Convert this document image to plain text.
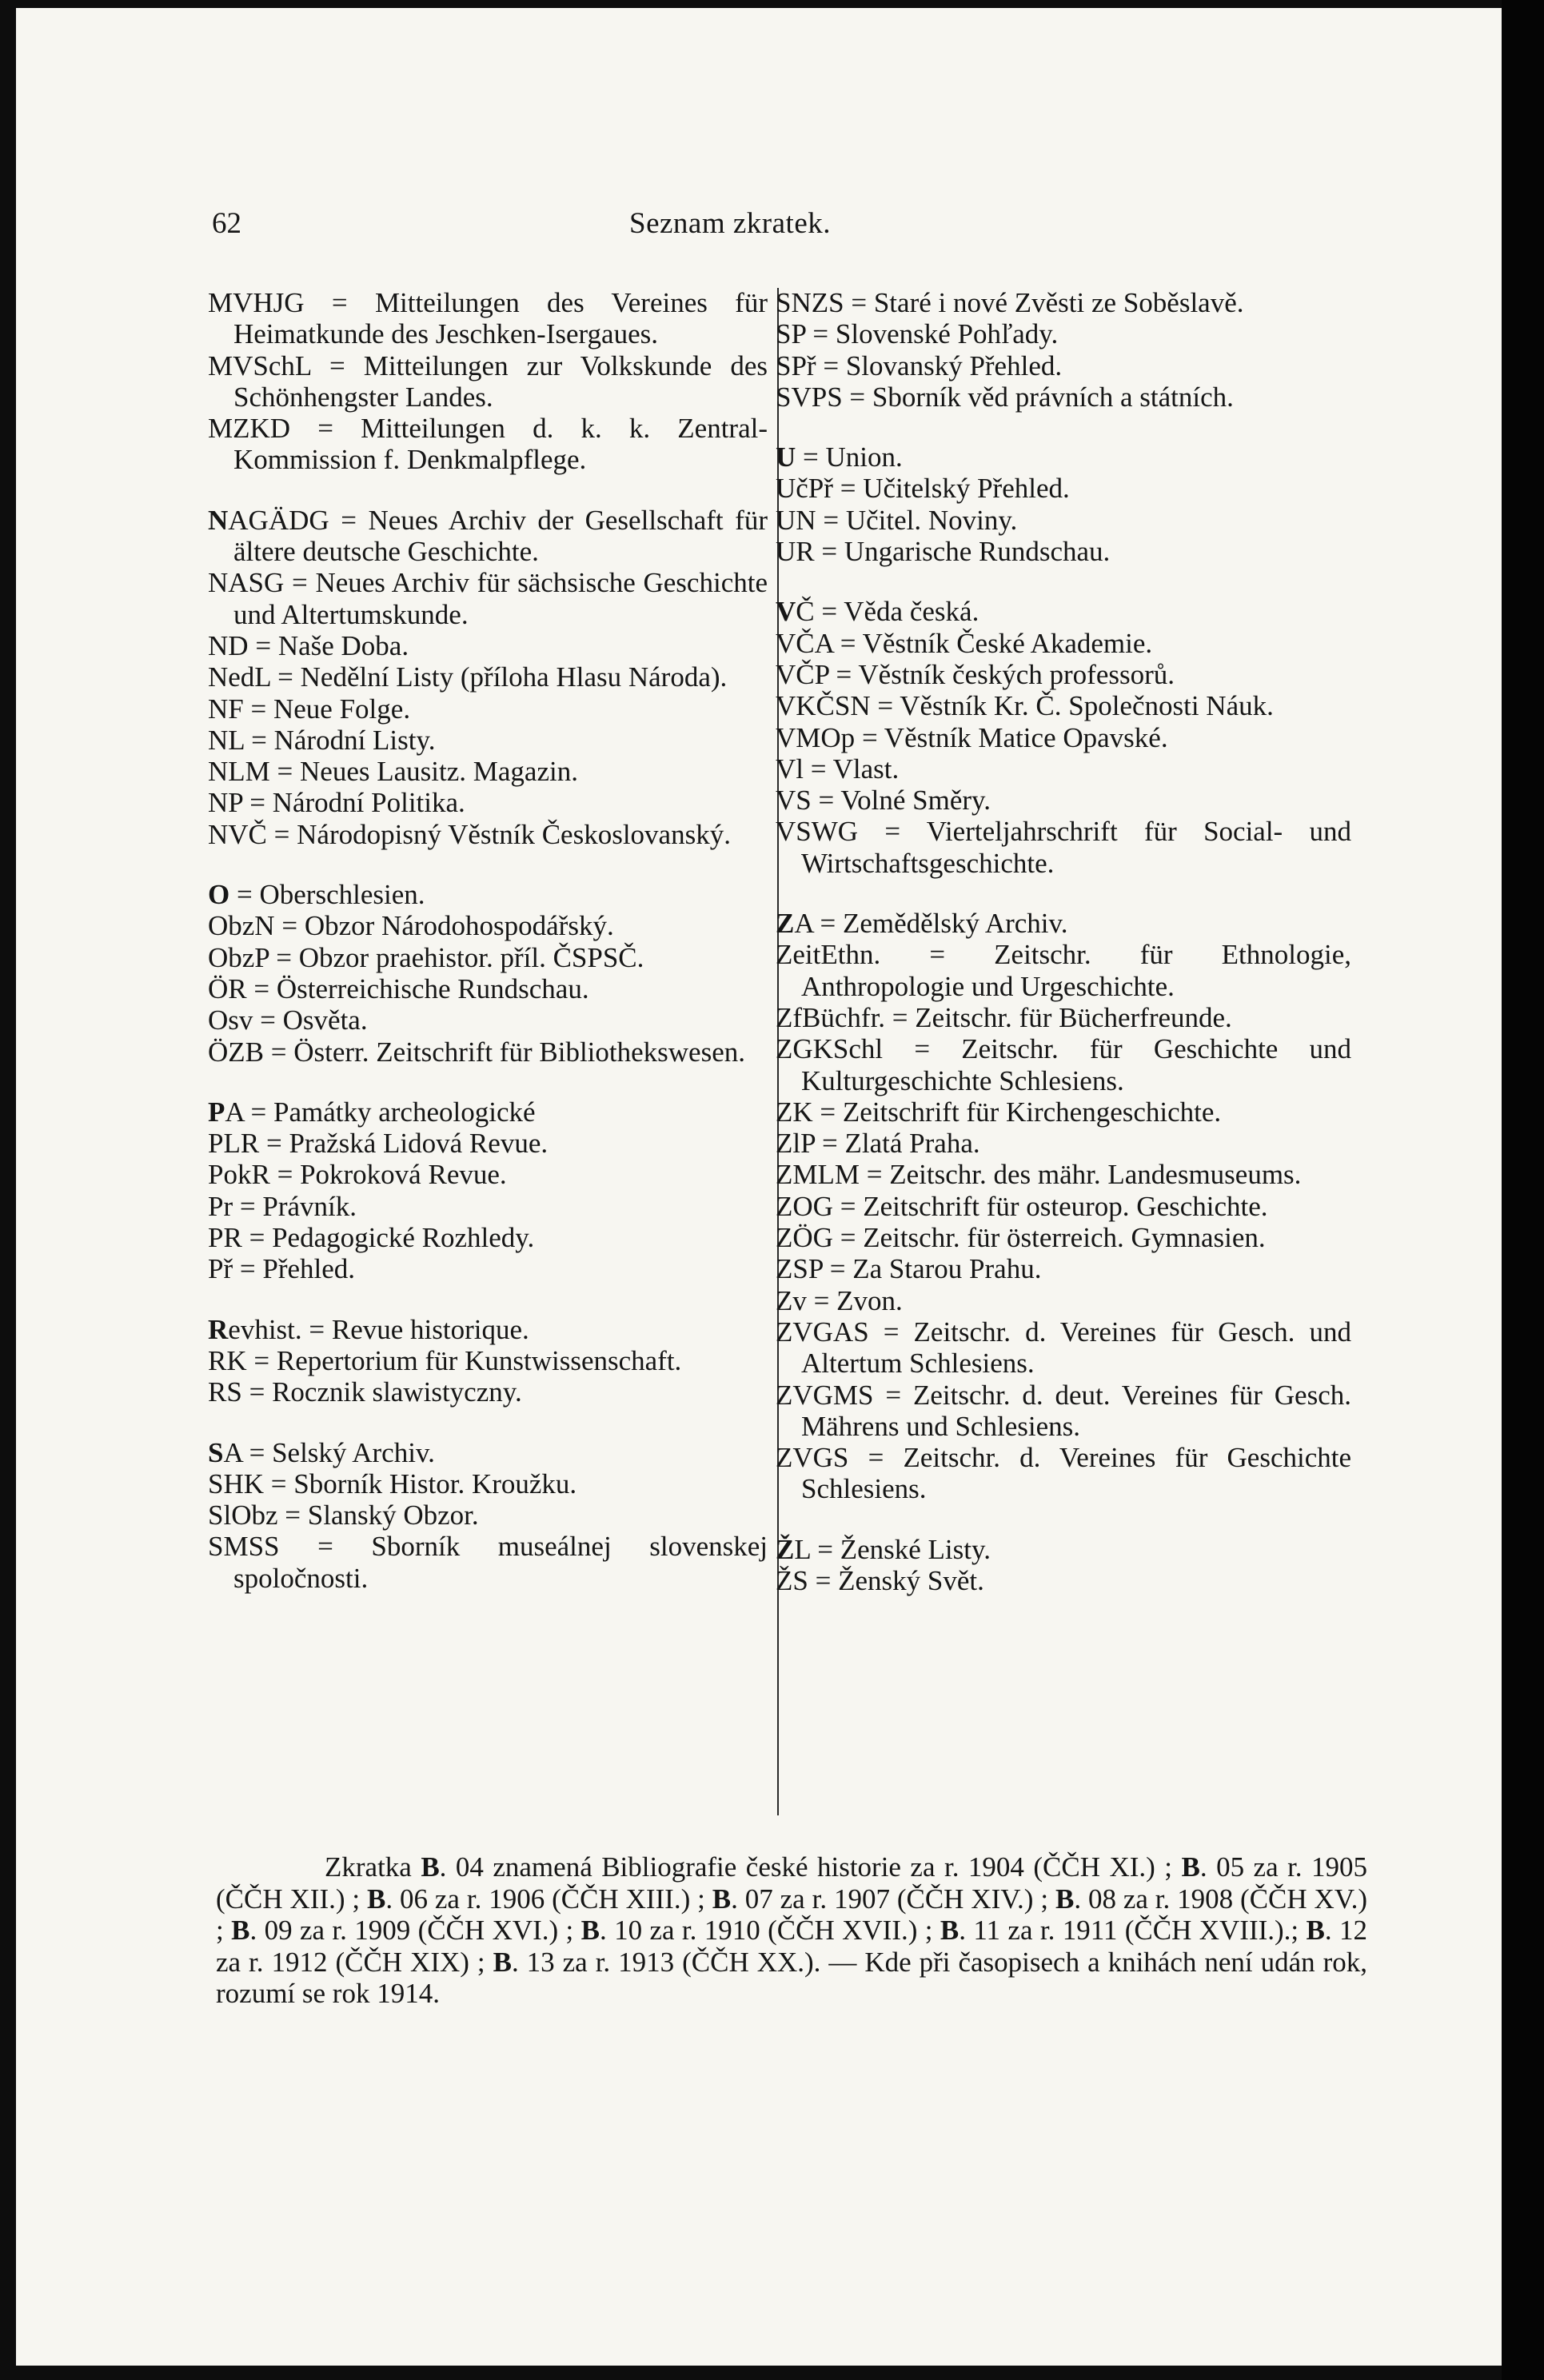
62	Seznam zkratek.

MVHJG = Mitteilungen des Vereines für Heimatkunde des Jeschken-Isergaues.

MVSchL = Mitteilungen zur Volkskunde des Schönhengster Landes.

MZKD = Mitteilungen d. k. k. Zentral-Kommission f. Denkmalpflege.

NAGÄDG = Neues Archiv der Gesellschaft für ältere deutsche Geschichte.

NASG = Neues Archiv für sächsische Geschichte und Altertumskunde.

ND = Naše Doba.

NedL = Nedělní Listy (příloha Hlasu Národa).

NF = Neue Folge.

NL = Národní Listy.

NLM = Neues Lausitz. Magazin.

NP = Národní Politika.

NVČ = Národopisný Věstník Českoslovanský.

O = Oberschlesien.

ObzN = Obzor Národohospodářský.

ObzP = Obzor praehistor. příl. ČSPSČ.

ÖR = Österreichische Rundschau.

Osv = Osvěta.

ÖZB = Österr. Zeitschrift für Bibliothekswesen.

PA = Památky archeologické

PLR = Pražská Lidová Revue.

PokR = Pokroková Revue.

Pr = Právník.

PR = Pedagogické Rozhledy.

Př = Přehled.

Revhist. = Revue historique.

RK = Repertorium für Kunstwissenschaft.

RS = Rocznik slawistyczny.

SA = Selský Archiv.

SHK = Sborník Histor. Kroužku.

SlObz = Slanský Obzor.

SMSS = Sborník museálnej slovenskej spoločnosti.

SNZS = Staré i nové Zvěsti ze Soběslavě.

SP = Slovenské Pohľady.

SPř = Slovanský Přehled.

SVPS = Sborník věd právních a státních.

U = Union.

UčPř = Učitelský Přehled.

UN = Učitel. Noviny.

UR = Ungarische Rundschau.

VČ = Věda česká.

VČA = Věstník České Akademie.

VČP = Věstník českých professorů.

VKČSN = Věstník Kr. Č. Společnosti Náuk.

VMOp = Věstník Matice Opavské.

Vl = Vlast.

VS = Volné Směry.

VSWG = Vierteljahrschrift für Social- und Wirtschaftsgeschichte.

ZA = Zemědělský Archiv.

ZeitEthn. = Zeitschr. für Ethnologie, Anthropologie und Urgeschichte.

ZfBüchfr. = Zeitschr. für Bücherfreunde.

ZGKSchl = Zeitschr. für Geschichte und Kulturgeschichte Schlesiens.

ZK = Zeitschrift für Kirchengeschichte.

ZlP = Zlatá Praha.

ZMLM = Zeitschr. des mähr. Landesmuseums.

ZOG = Zeitschrift für osteurop. Geschichte.

ZÖG = Zeitschr. für österreich. Gymnasien.

ZSP = Za Starou Prahu.

Zv = Zvon.

ZVGAS = Zeitschr. d. Vereines für Gesch. und Altertum Schlesiens.

ZVGMS = Zeitschr. d. deut. Vereines für Gesch. Mährens und Schlesiens.

ZVGS = Zeitschr. d. Vereines für Geschichte Schlesiens.

ŽL = Ženské Listy.

ŽS = Ženský Svět.

Zkratka B. 04 znamená Bibliografie české historie za r. 1904 (ČČH XI.) ; B. 05 za r. 1905 (ČČH XII.) ; B. 06 za r. 1906 (ČČH XIII.) ; B. 07 za r. 1907 (ČČH XIV.) ; B. 08 za r. 1908 (ČČH XV.) ; B. 09 za r. 1909 (ČČH XVI.) ; B. 10 za r. 1910 (ČČH XVII.) ; B. 11 za r. 1911 (ČČH XVIII.).; B. 12 za r. 1912 (ČČH XIX) ; B. 13 za r. 1913 (ČČH XX.). — Kde při časopisech a knihách není udán rok, rozumí se rok 1914.
